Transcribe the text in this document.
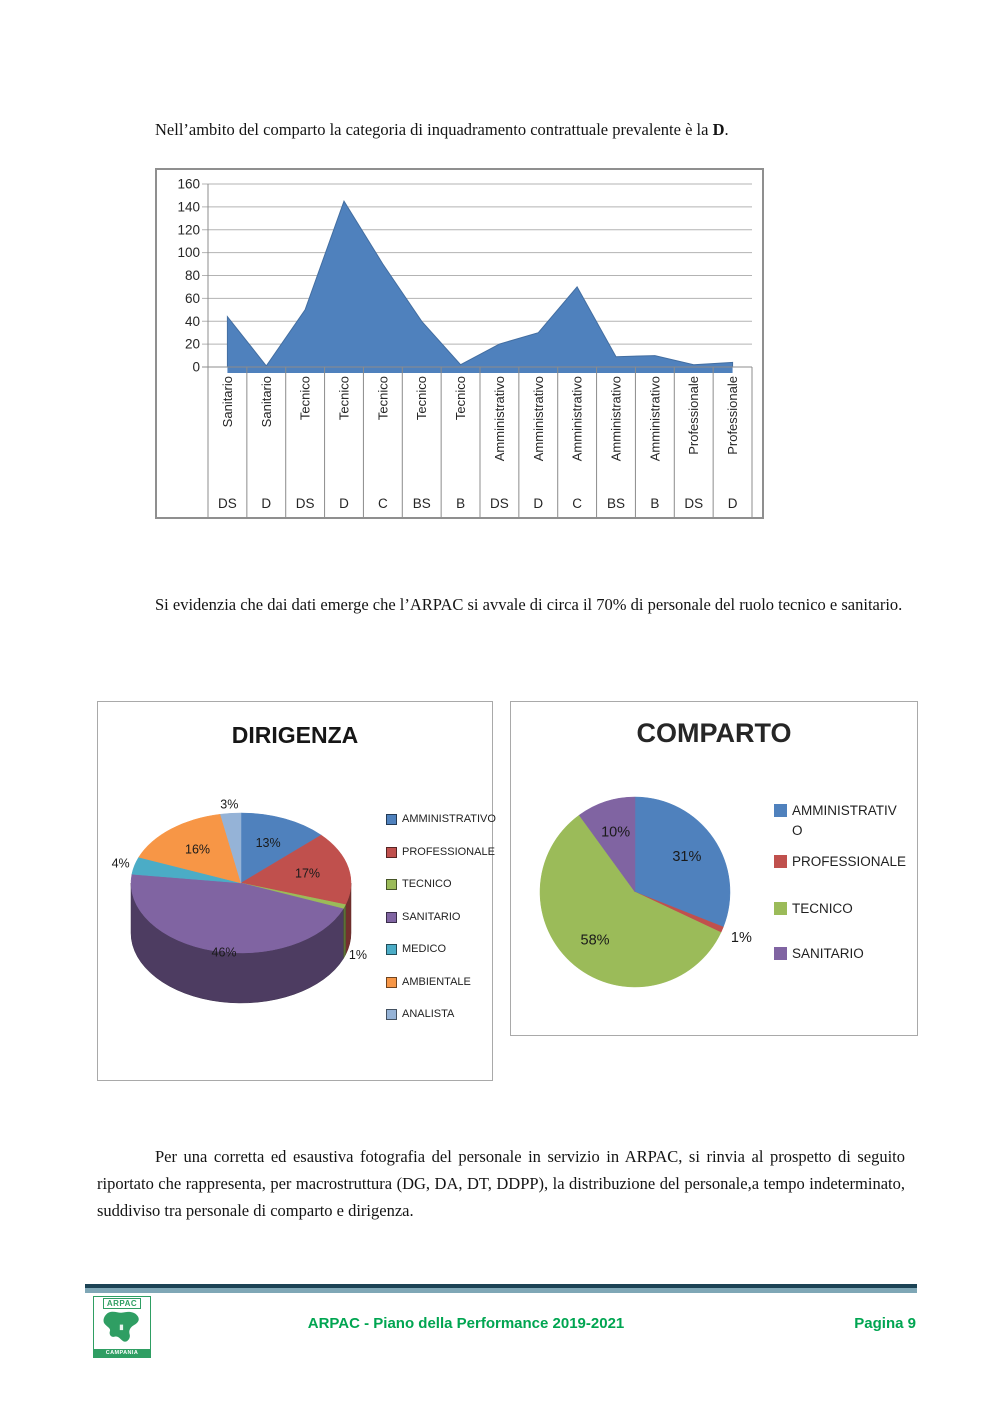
Nell’ambito del comparto la categoria di inquadramento contrattuale prevalente è la D.

160
140
120
100
80
60
40
20
0
Sanitario Sanitario Tecnico Tecnico Tecnico Tecnico Tecnico Amministrativo Amministrativo Amministrativo Amministrativo Amministrativo Professionale Professionale
DS D DS D C BS B DS D C BS B DS D

Si evidenzia che dai dati emerge che l’ARPAC si avvale di circa il 70% di personale del ruolo tecnico e sanitario.

DIRIGENZA
13%
17%
1%
46%
4%
16%
3%
AMMINISTRATIVO
PROFESSIONALE
TECNICO
SANITARIO
MEDICO
AMBIENTALE
ANALISTA
COMPARTO
31%
1%
58%
10%
AMMINISTRATIV
O
PROFESSIONALE
TECNICO
SANITARIO

Per una corretta ed esaustiva fotografia del personale in servizio in ARPAC, si rinvia al prospetto di seguito riportato che rappresenta, per macrostruttura (DG, DA, DT, DDPP), la distribuzione del personale,a tempo indeterminato, suddiviso tra personale di comparto e dirigenza.

ARPAC
CAMPANIA
ARPAC - Piano della Performance 2019-2021	Pagina 9
